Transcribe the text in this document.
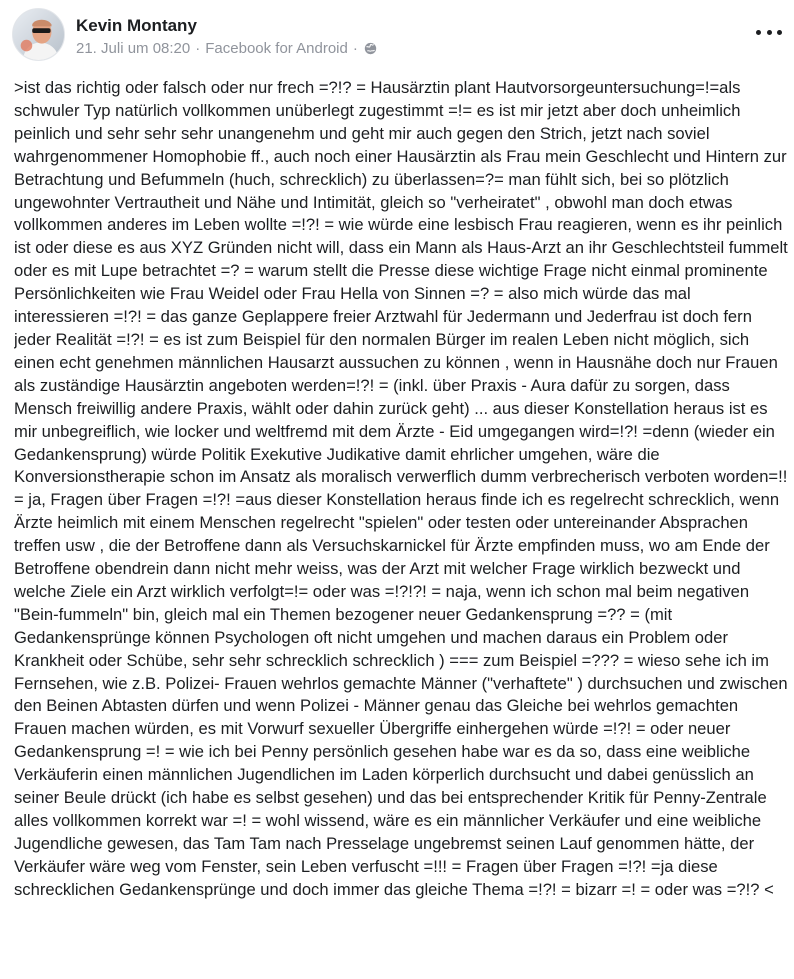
Kevin Montany
21. Juli um 08:20 · Facebook for Android ·
>ist das richtig oder falsch oder nur frech =?!? = Hausärztin plant Hautvorsorgeuntersuchung=!=als schwuler Typ natürlich vollkommen unüberlegt zugestimmt =!= es ist mir jetzt aber doch unheimlich peinlich und sehr sehr sehr unangenehm und geht mir auch gegen den Strich, jetzt nach soviel wahrgenommener Homophobie ff., auch noch einer Hausärztin als Frau mein Geschlecht und Hintern zur Betrachtung und Befummeln (huch, schrecklich) zu überlassen=?= man fühlt sich, bei so plötzlich ungewohnter Vertrautheit und Nähe und Intimität, gleich so "verheiratet" , obwohl man doch etwas vollkommen anderes im Leben wollte =!?! = wie würde eine lesbisch Frau reagieren, wenn es ihr peinlich ist oder diese es aus XYZ Gründen nicht will, dass ein Mann als Haus-Arzt an ihr Geschlechtsteil fummelt oder es mit Lupe betrachtet =? = warum stellt die Presse diese wichtige Frage nicht einmal prominente Persönlichkeiten wie Frau Weidel oder Frau Hella von Sinnen =? = also mich würde das mal interessieren =!?! = das ganze Geplappere freier Arztwahl für Jedermann und Jederfrau ist doch fern jeder Realität =!?! = es ist zum Beispiel für den normalen Bürger im realen Leben nicht möglich, sich einen echt genehmen männlichen Hausarzt aussuchen zu können , wenn in Hausnähe doch nur Frauen als zuständige Hausärztin angeboten werden=!?! = (inkl. über Praxis - Aura dafür zu sorgen, dass Mensch freiwillig andere Praxis, wählt oder dahin zurück geht) ... aus dieser Konstellation heraus ist es mir unbegreiflich, wie locker und weltfremd mit dem Ärzte - Eid umgegangen wird=!?! =denn (wieder ein Gedankensprung) würde Politik Exekutive Judikative damit ehrlicher umgehen, wäre die Konversionstherapie schon im Ansatz als moralisch verwerflich dumm verbrecherisch verboten worden=!! = ja, Fragen über Fragen =!?! =aus dieser Konstellation heraus finde ich es regelrecht schrecklich, wenn Ärzte heimlich mit einem Menschen regelrecht "spielen" oder testen oder untereinander Absprachen treffen usw , die der Betroffene dann als Versuchskarnickel für Ärzte empfinden muss, wo am Ende der Betroffene obendrein dann nicht mehr weiss, was der Arzt mit welcher Frage wirklich bezweckt und welche Ziele ein Arzt wirklich verfolgt=!= oder was =!?!?! = naja, wenn ich schon mal beim negativen "Bein-fummeln" bin, gleich mal ein Themen bezogener neuer Gedankensprung =?? = (mit Gedankensprünge können Psychologen oft nicht umgehen und machen daraus ein Problem oder Krankheit oder Schübe, sehr sehr schrecklich schrecklich ) === zum Beispiel =??? = wieso sehe ich im Fernsehen, wie z.B. Polizei- Frauen wehrlos gemachte Männer ("verhaftete" ) durchsuchen und zwischen den Beinen Abtasten dürfen und wenn Polizei - Männer genau das Gleiche bei wehrlos gemachten Frauen machen würden, es mit Vorwurf sexueller Übergriffe einhergehen würde =!?! = oder neuer Gedankensprung =! = wie ich bei Penny persönlich gesehen habe war es da so, dass eine weibliche Verkäuferin einen männlichen Jugendlichen im Laden körperlich durchsucht und dabei genüsslich an seiner Beule drückt (ich habe es selbst gesehen) und das bei entsprechender Kritik für Penny-Zentrale alles vollkommen korrekt war =! = wohl wissend, wäre es ein männlicher Verkäufer und eine weibliche Jugendliche gewesen, das Tam Tam nach Presselage ungebremst seinen Lauf genommen hätte, der Verkäufer wäre weg vom Fenster, sein Leben verfuscht =!!! = Fragen über Fragen =!?! =ja diese schrecklichen Gedankensprünge und doch immer das gleiche Thema =!?! = bizarr =! = oder was =?!? <
